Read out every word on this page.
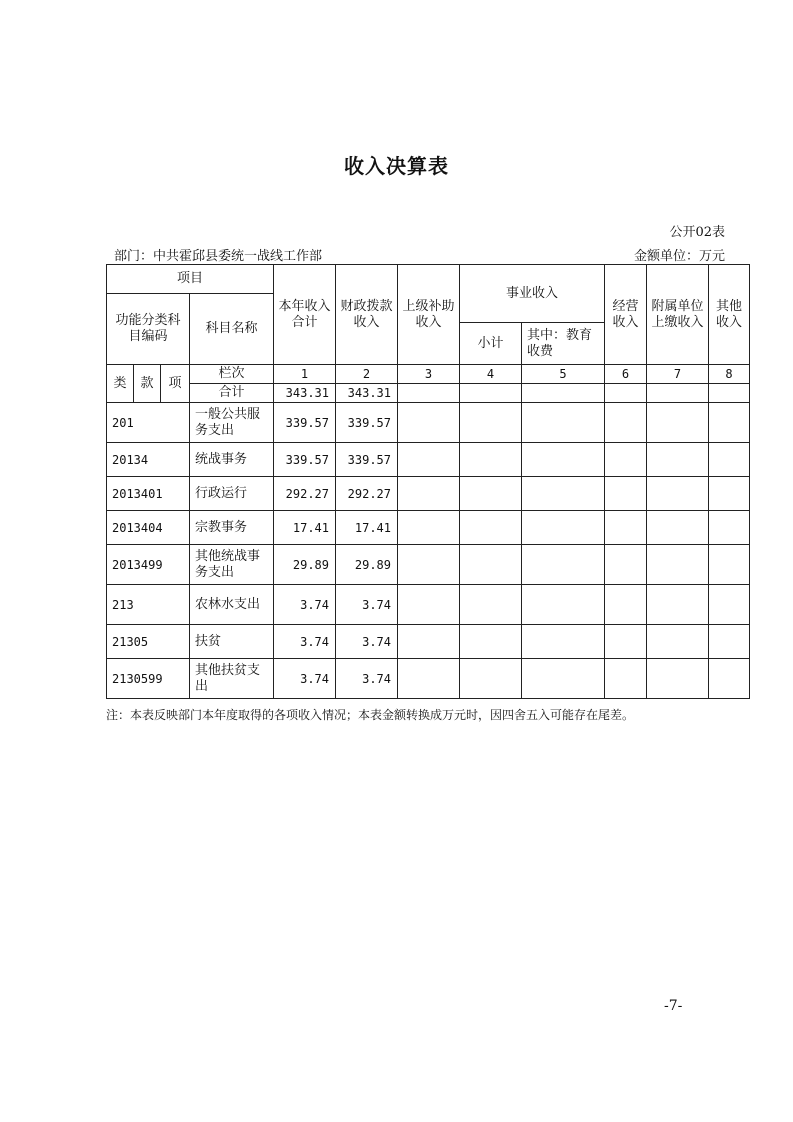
收入决算表
公开02表
部门：中共霍邱县委统一战线工作部	金额单位：万元
项目				本年收入合计	财政拨款收入	上级补助收入	事业收入		经营收入	附属单位上缴收入	其他收入
功能分类科目编码			科目名称								
							小计	其中：教育收费			
类	款	项	栏次	1	2	3	4	5	6	7	8
			合计	343.31	343.31						
201			一般公共服务支出	339.57	339.57						
20134			统战事务	339.57	339.57						
2013401			行政运行	292.27	292.27						
2013404			宗教事务	17.41	17.41						
2013499			其他统战事务支出	29.89	29.89						
213			农林水支出	3.74	3.74						
21305			扶贫	3.74	3.74						
2130599			其他扶贫支出	3.74	3.74						
注：本表反映部门本年度取得的各项收入情况；本表金额转换成万元时，因四舍五入可能存在尾差。
-7-
